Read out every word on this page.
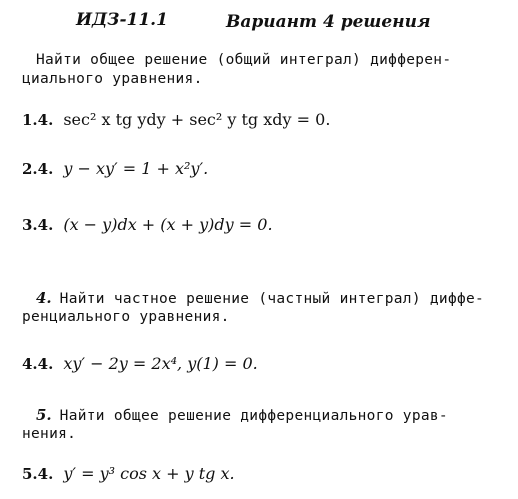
ИДЗ-11.1	Вариант 4 решения
Найти общее решение (общий интеграл) дифферен-
циального уравнения.
1.4. sec² x tg ydy + sec² y tg xdy = 0.
2.4. y − xy′ = 1 + x²y′.
3.4. (x − y)dx + (x + y)dy = 0.
4. Найти частное решение (частный интеграл) диффе-
ренциального уравнения.
4.4. xy′ − 2y = 2x⁴, y(1) = 0.
5. Найти общее решение дифференциального урав-
нения.
5.4. y′ = y³ cos x + y tg x.
